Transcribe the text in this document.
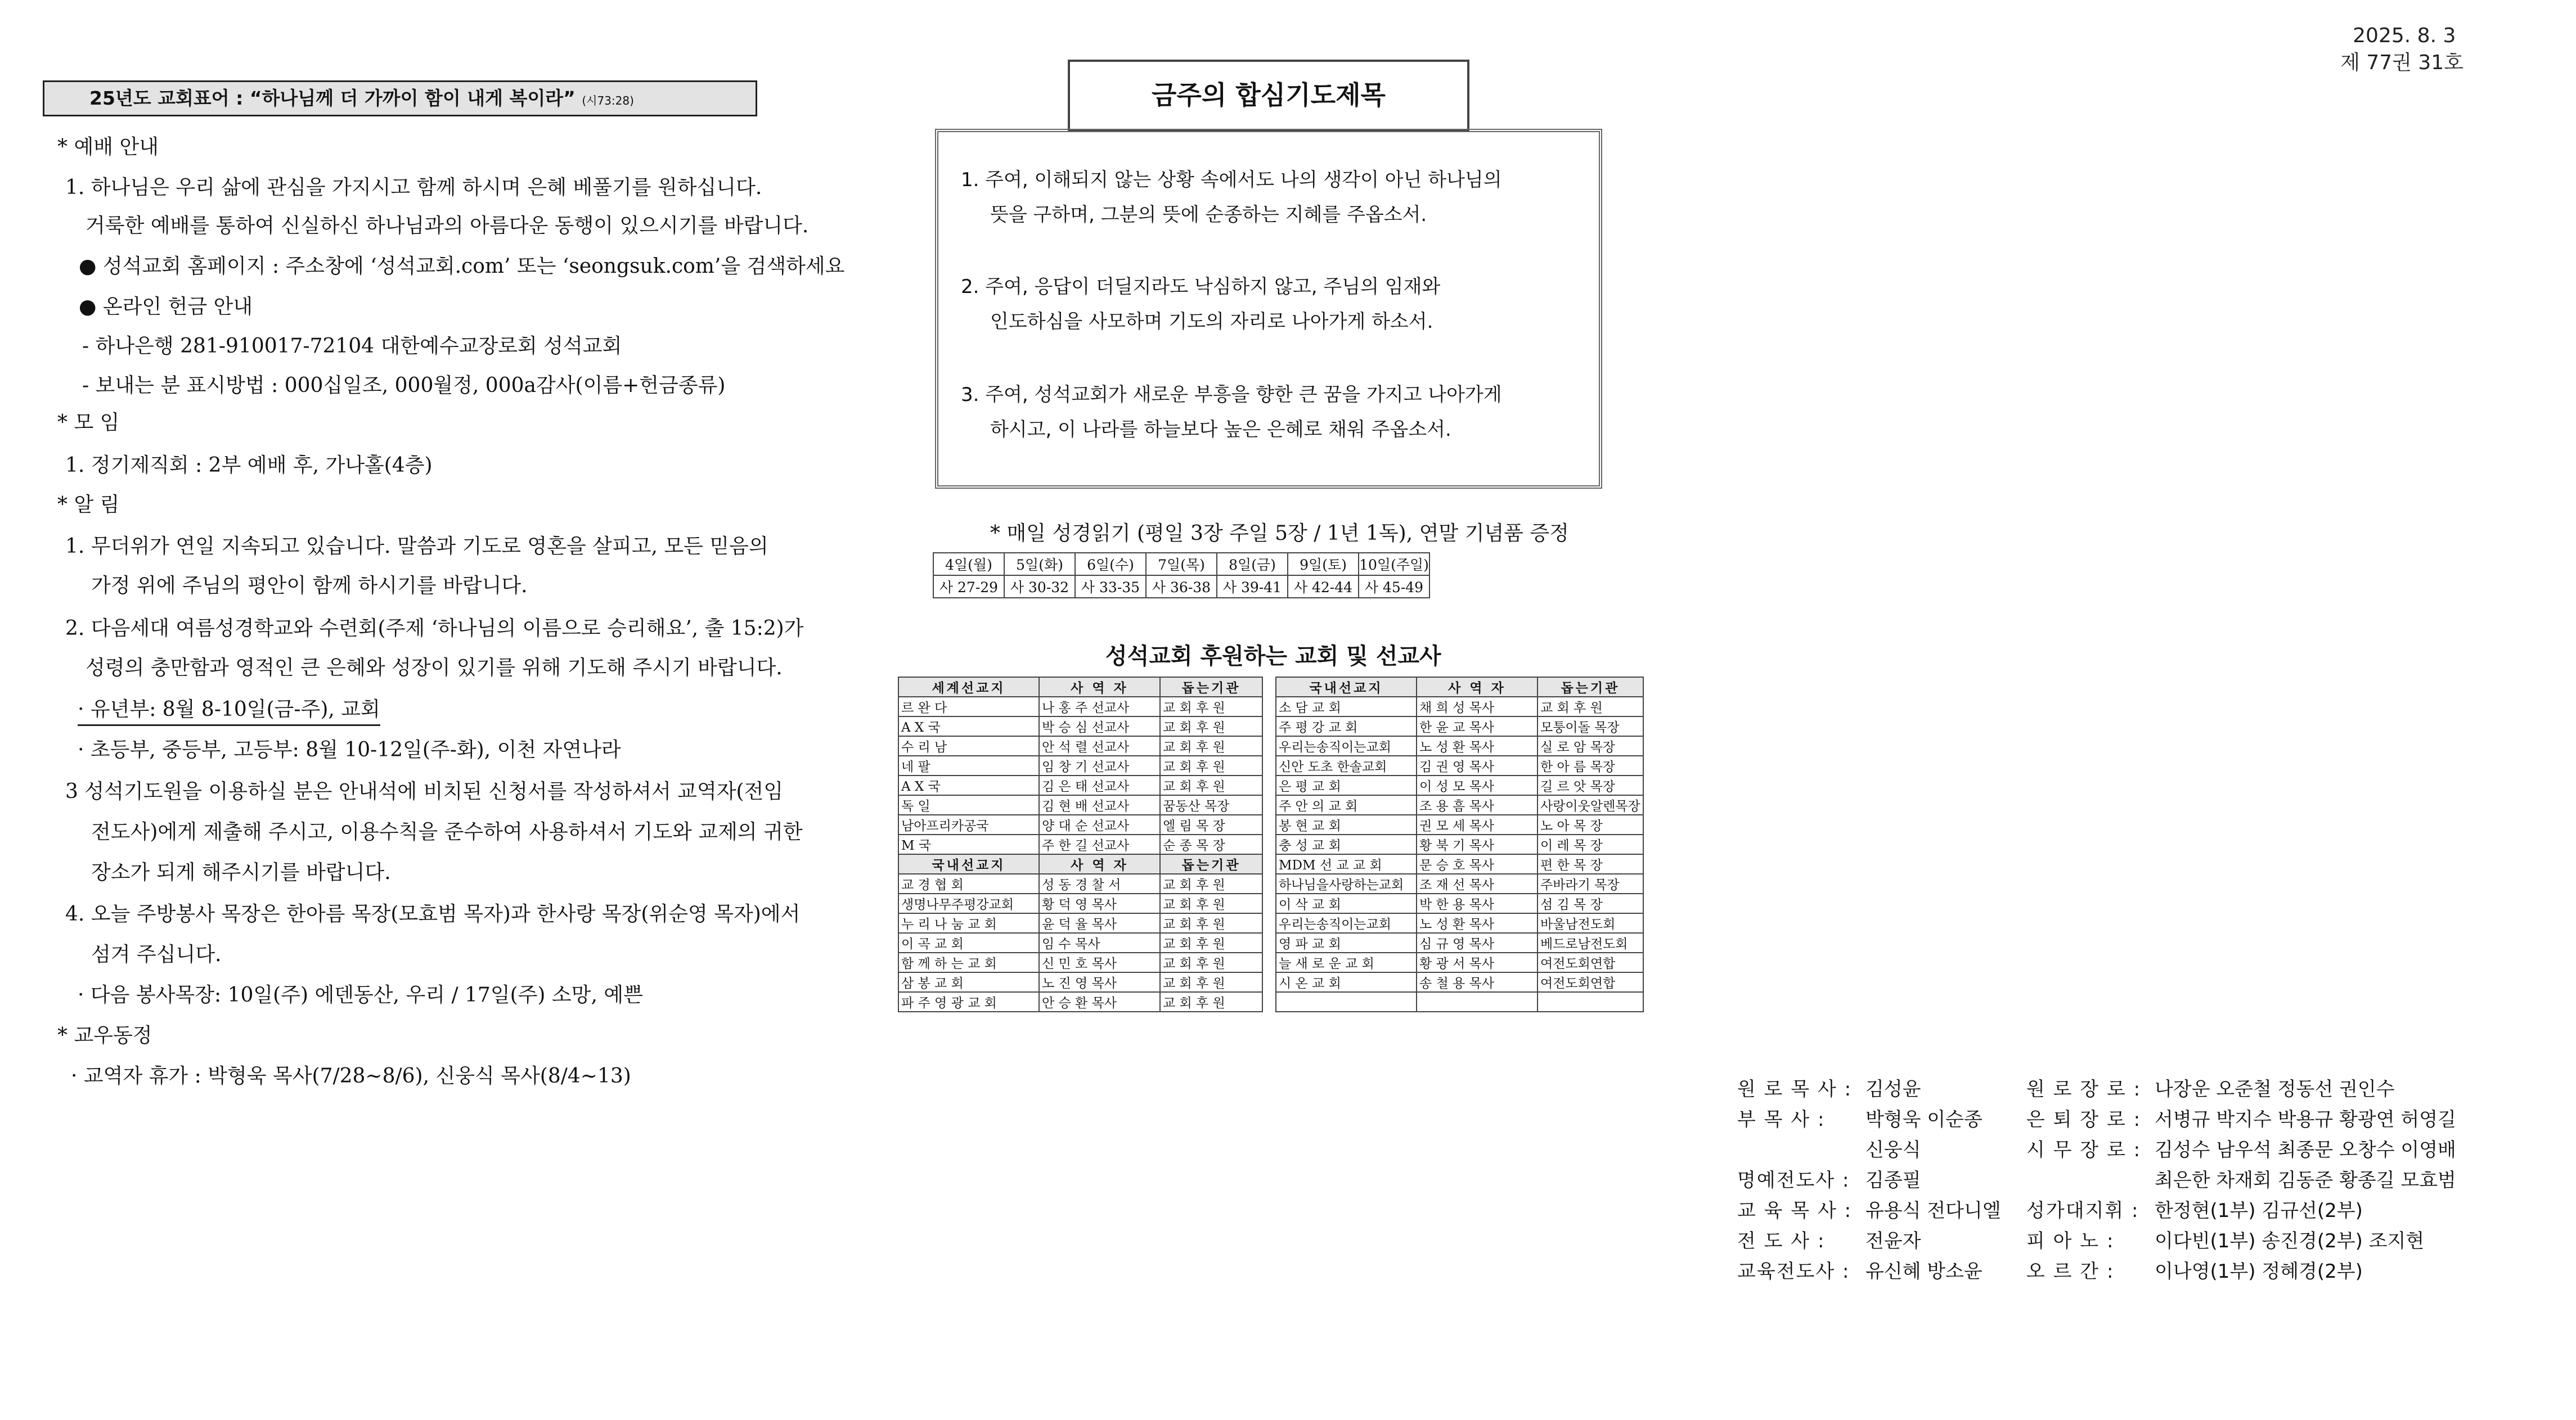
2025. 8. 3
제 77권 31호
25년도 교회표어 : “하나님께 더 가까이 함이 내게 복이라” (시73:28)
* 예배 안내
1. 하나님은 우리 삶에 관심을 가지시고 함께 하시며 은혜 베풀기를 원하십니다.
거룩한 예배를 통하여 신실하신 하나님과의 아름다운 동행이 있으시기를 바랍니다.
● 성석교회 홈페이지 : 주소창에 ‘성석교회.com’ 또는 ‘seongsuk.com’을 검색하세요
● 온라인 헌금 안내
- 하나은행 281-910017-72104 대한예수교장로회 성석교회
- 보내는 분 표시방법 : 000십일조, 000월정, 000a감사(이름+헌금종류)
* 모 임
1. 정기제직회 : 2부 예배 후, 가나홀(4층)
* 알 림
1. 무더위가 연일 지속되고 있습니다. 말씀과 기도로 영혼을 살피고, 모든 믿음의
가정 위에 주님의 평안이 함께 하시기를 바랍니다.
2. 다음세대 여름성경학교와 수련회(주제 ‘하나님의 이름으로 승리해요’, 출 15:2)가
성령의 충만함과 영적인 큰 은혜와 성장이 있기를 위해 기도해 주시기 바랍니다.
· 유년부: 8월 8-10일(금-주), 교회
· 초등부, 중등부, 고등부: 8월 10-12일(주-화), 이천 자연나라
3 성석기도원을 이용하실 분은 안내석에 비치된 신청서를 작성하셔서 교역자(전임
전도사)에게 제출해 주시고, 이용수칙을 준수하여 사용하셔서 기도와 교제의 귀한
장소가 되게 해주시기를 바랍니다.
4. 오늘 주방봉사 목장은 한아름 목장(모효범 목자)과 한사랑 목장(위순영 목자)에서
섬겨 주십니다.
· 다음 봉사목장: 10일(주) 에덴동산, 우리 / 17일(주) 소망, 예쁜
* 교우동정
· 교역자 휴가 : 박형욱 목사(7/28~8/6), 신웅식 목사(8/4~13)
금주의 합심기도제목
1. 주여, 이해되지 않는 상황 속에서도 나의 생각이 아닌 하나님의
뜻을 구하며, 그분의 뜻에 순종하는 지혜를 주옵소서.
2. 주여, 응답이 더딜지라도 낙심하지 않고, 주님의 임재와
인도하심을 사모하며 기도의 자리로 나아가게 하소서.
3. 주여, 성석교회가 새로운 부흥을 향한 큰 꿈을 가지고 나아가게
하시고, 이 나라를 하늘보다 높은 은혜로 채워 주옵소서.
* 매일 성경읽기 (평일 3장 주일 5장 / 1년 1독), 연말 기념품 증정
4일(월)	5일(화)	6일(수)	7일(목)	8일(금)	9일(토)	10일(주일)
사 27-29	사 30-32	사 33-35	사 36-38	사 39-41	사 42-44	사 45-49
성석교회 후원하는 교회 및 선교사
세계선교지	사 역 자	돕는기관		국내선교지	사 역 자	돕는기관
르 완 다	나 홍 주 선교사	교 회 후 원		소 담 교 회	채 희 성 목사	교 회 후 원
A X 국	박 승 심 선교사	교 회 후 원		주 평 강 교 회	한 윤 교 목사	모퉁이돌 목장
수 리 남	안 석 렬 선교사	교 회 후 원		우리는송직이는교회	노 성 환 목사	실 로 암 목장
네 팔	임 창 기 선교사	교 회 후 원		신안 도초 한솔교회	김 권 영 목사	한 아 름 목장
A X 국	김 은 태 선교사	교 회 후 원		은 평 교 회	이 성 모 목사	길 르 앗 목장
독 일	김 현 배 선교사	꿈동산 목장		주 안 의 교 회	조 용 흠 목사	사랑이웃알렌목장
남아프리카공국	양 대 순 선교사	엘 림 목 장		봉 현 교 회	권 모 세 목사	노 아 목 장
M 국	주 한 길 선교사	순 종 목 장		충 성 교 회	황 북 기 목사	이 레 목 장
국내선교지	사 역 자	돕는기관		MDM 선 교 교 회	문 승 호 목사	편 한 목 장
교 경 협 회	성 동 경 찰 서	교 회 후 원		하나님을사랑하는교회	조 재 선 목사	주바라기 목장
생명나무주평강교회	황 덕 영 목사	교 회 후 원		이 삭 교 회	박 한 용 목사	섬 김 목 장
누 리 나 눔 교 회	윤 덕 율 목사	교 회 후 원		우리는송직이는교회	노 성 환 목사	바울남전도회
이 곡 교 회	임 수 목사	교 회 후 원		영 파 교 회	심 규 영 목사	베드로남전도회
함 께 하 는 교 회	신 민 호 목사	교 회 후 원		늘 새 로 운 교 회	황 광 서 목사	여전도회연합
삼 봉 교 회	노 진 영 목사	교 회 후 원		시 온 교 회	송 철 용 목사	여전도회연합
파 주 영 광 교 회	안 승 환 목사	교 회 후 원				
원 로 목 사 : 김성윤
부 목 사 : 박형욱 이순종
신웅식
명예전도사 : 김종필
교 육 목 사 : 유용식 전다니엘
전 도 사 : 전윤자
교육전도사 : 유신혜 방소윤
원 로 장 로 : 나장운 오준철 정동선 권인수
은 퇴 장 로 : 서병규 박지수 박용규 황광연 허영길
시 무 장 로 : 김성수 남우석 최종문 오창수 이영배
최은한 차재회 김동준 황종길 모효범
성가대지휘 : 한정현(1부) 김규선(2부)
피 아 노 : 이다빈(1부) 송진경(2부) 조지현
오 르 간 : 이나영(1부) 정혜경(2부)
